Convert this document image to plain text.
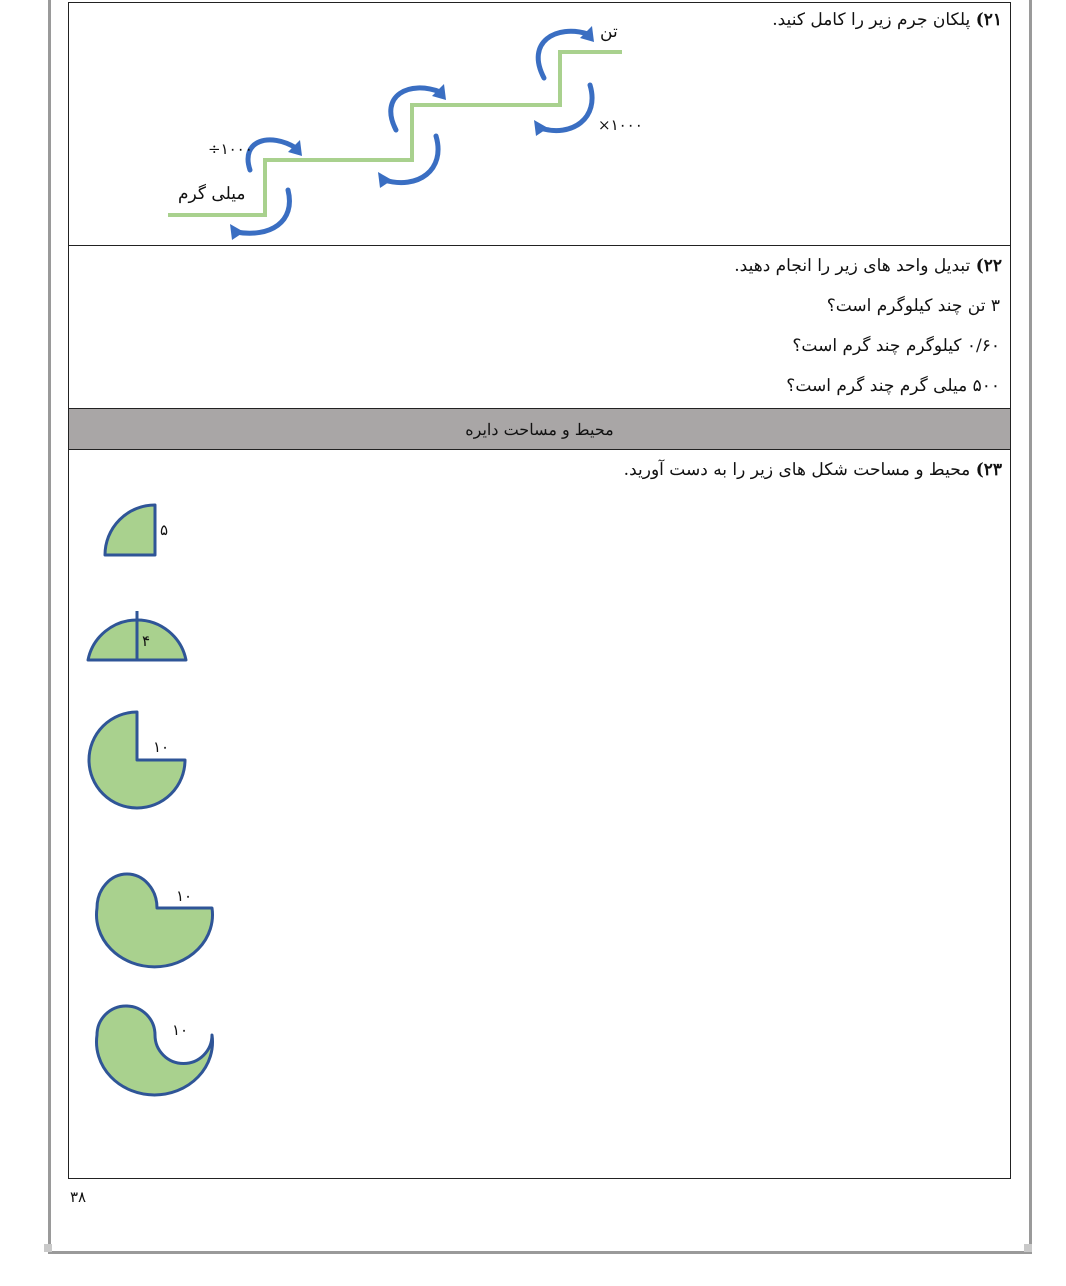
۲۱) پلکان جرم زیر را کامل کنید.
تن
×۱۰۰۰
÷۱۰۰۰
میلی گرم
۲۲) تبدیل واحد های زیر را انجام دهید.
۳ تن چند کیلوگرم است؟
۰/۶۰ کیلوگرم چند گرم است؟
۵۰۰ میلی گرم چند گرم است؟
محیط و مساحت دایره
۲۳) محیط و مساحت شکل های زیر را به دست آورید.
۵
۴
۱۰
۱۰
۱۰
۳۸
